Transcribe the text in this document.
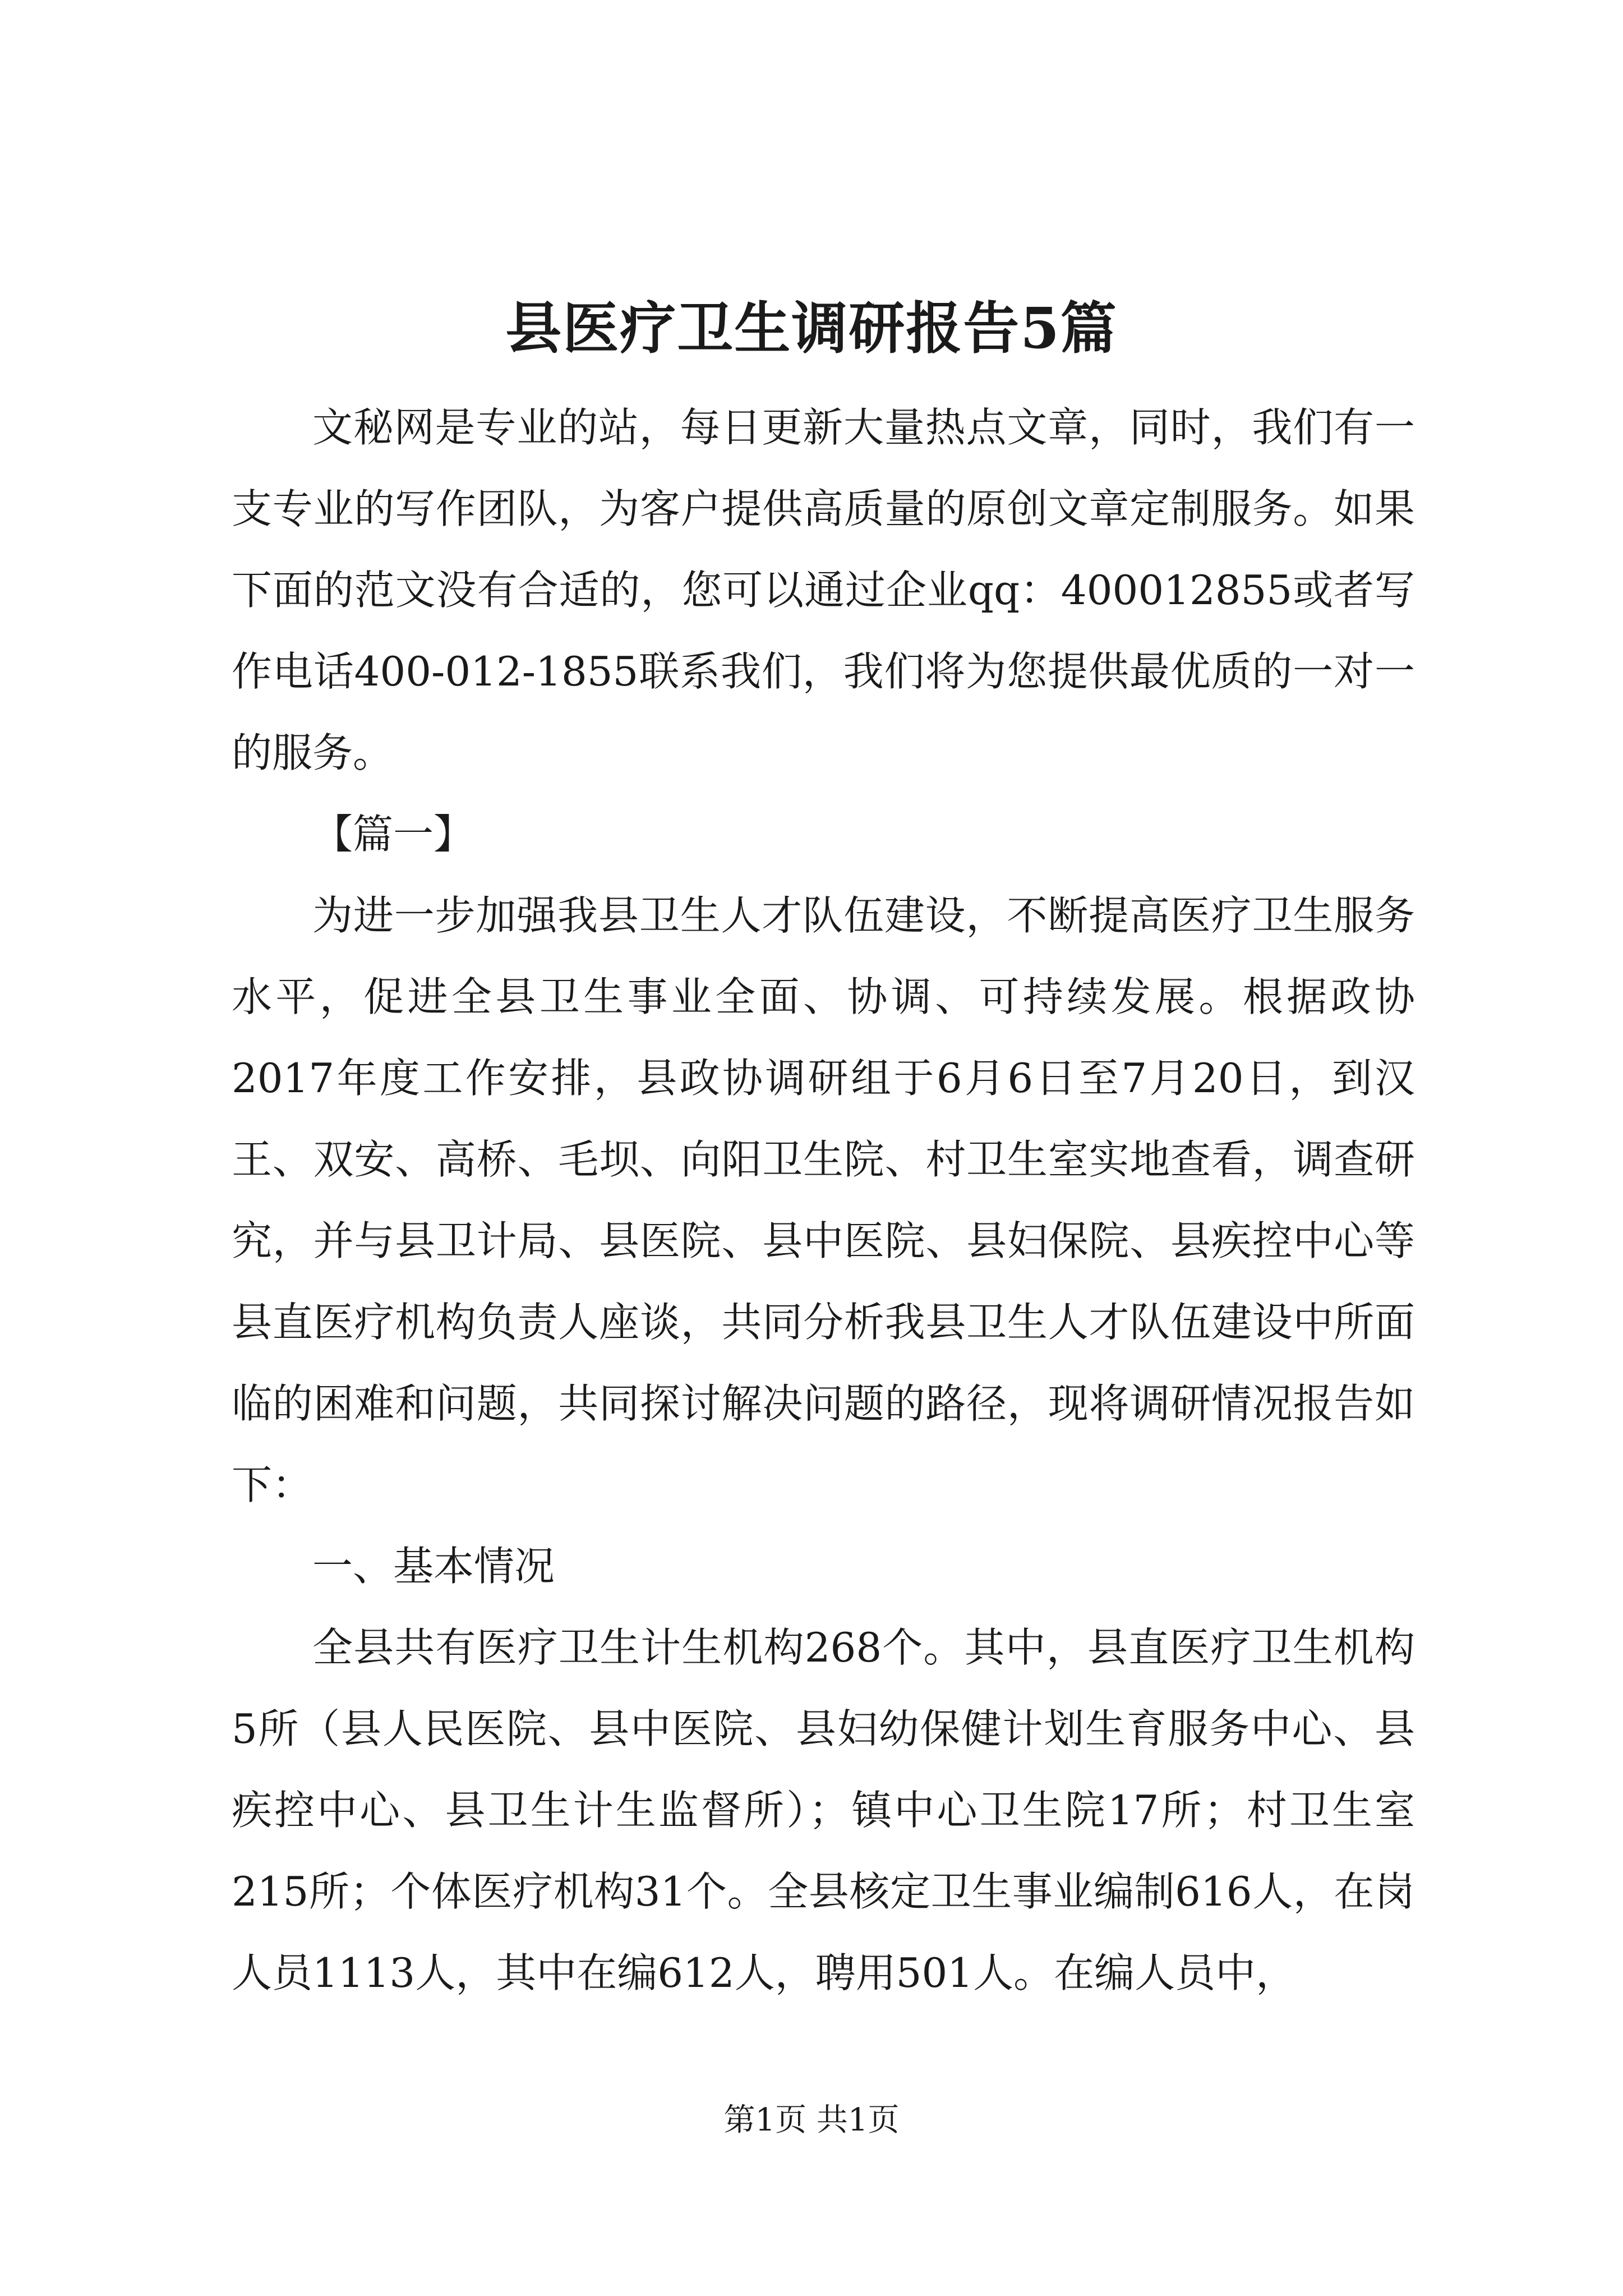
县医疗卫生调研报告5篇

文秘网是专业的站，每日更新大量热点文章，同时，我们有一支专业的写作团队，为客户提供高质量的原创文章定制服务。如果下面的范文没有合适的，您可以通过企业qq：400012855或者写作电话400-012-1855联系我们，我们将为您提供最优质的一对一的服务。

【篇一】

为进一步加强我县卫生人才队伍建设，不断提高医疗卫生服务水平，促进全县卫生事业全面、协调、可持续发展。根据政协2017年度工作安排，县政协调研组于6月6日至7月20日，到汉王、双安、高桥、毛坝、向阳卫生院、村卫生室实地查看，调查研究，并与县卫计局、县医院、县中医院、县妇保院、县疾控中心等县直医疗机构负责人座谈，共同分析我县卫生人才队伍建设中所面临的困难和问题，共同探讨解决问题的路径，现将调研情况报告如下：

一、基本情况

全县共有医疗卫生计生机构268个。其中，县直医疗卫生机构5所（县人民医院、县中医院、县妇幼保健计划生育服务中心、县疾控中心、县卫生计生监督所）；镇中心卫生院17所；村卫生室215所；个体医疗机构31个。全县核定卫生事业编制616人，在岗人员1113人，其中在编612人，聘用501人。在编人员中，

第1页 共1页
